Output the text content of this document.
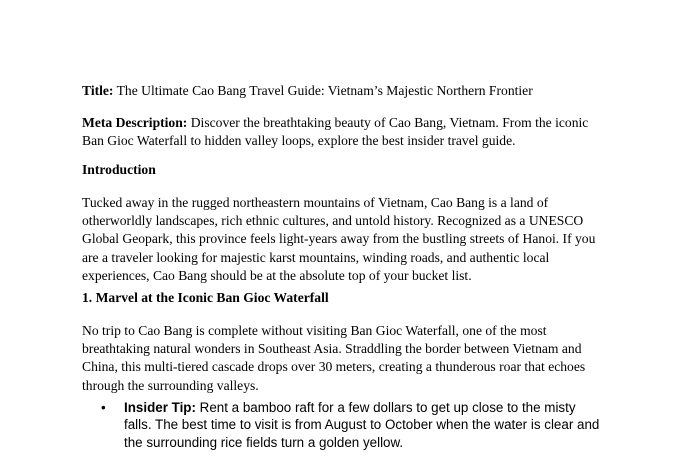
Title: The Ultimate Cao Bang Travel Guide: Vietnam’s Majestic Northern Frontier

Meta Description: Discover the breathtaking beauty of Cao Bang, Vietnam. From the iconic Ban Gioc Waterfall to hidden valley loops, explore the best insider travel guide.

Introduction

Tucked away in the rugged northeastern mountains of Vietnam, Cao Bang is a land of otherworldly landscapes, rich ethnic cultures, and untold history. Recognized as a UNESCO Global Geopark, this province feels light-years away from the bustling streets of Hanoi. If you are a traveler looking for majestic karst mountains, winding roads, and authentic local experiences, Cao Bang should be at the absolute top of your bucket list.

1. Marvel at the Iconic Ban Gioc Waterfall

No trip to Cao Bang is complete without visiting Ban Gioc Waterfall, one of the most breathtaking natural wonders in Southeast Asia. Straddling the border between Vietnam and China, this multi-tiered cascade drops over 30 meters, creating a thunderous roar that echoes through the surrounding valleys.

• Insider Tip: Rent a bamboo raft for a few dollars to get up close to the misty falls. The best time to visit is from August to October when the water is clear and the surrounding rice fields turn a golden yellow.
